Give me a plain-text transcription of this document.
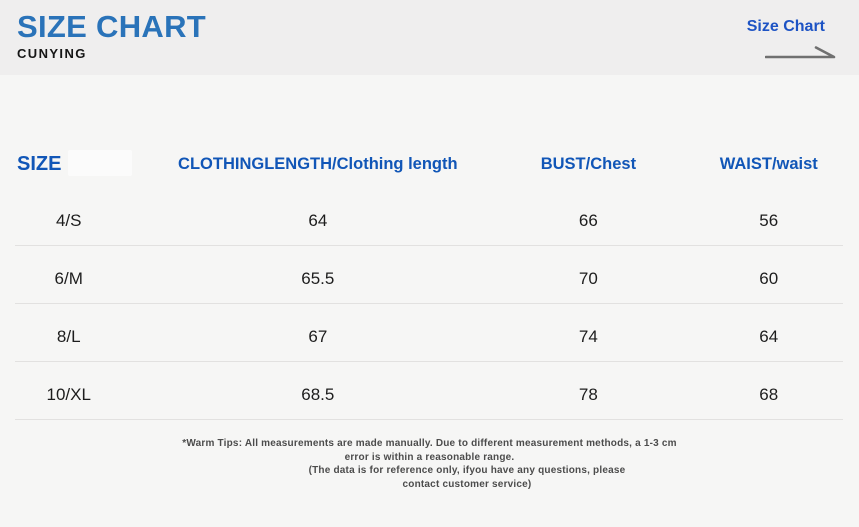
SIZE CHART
CUNYING
Size Chart
SIZE	CLOTHINGLENGTH/Clothing length	BUST/Chest	WAIST/waist
4/S	64	66	56
6/M	65.5	70	60
8/L	67	74	64
10/XL	68.5	78	68
*Warm Tips: All measurements are made manually. Due to different measurement methods, a 1-3 cm
error is within a reasonable range.
(The data is for reference only, ifyou have any questions, please
contact customer service)
